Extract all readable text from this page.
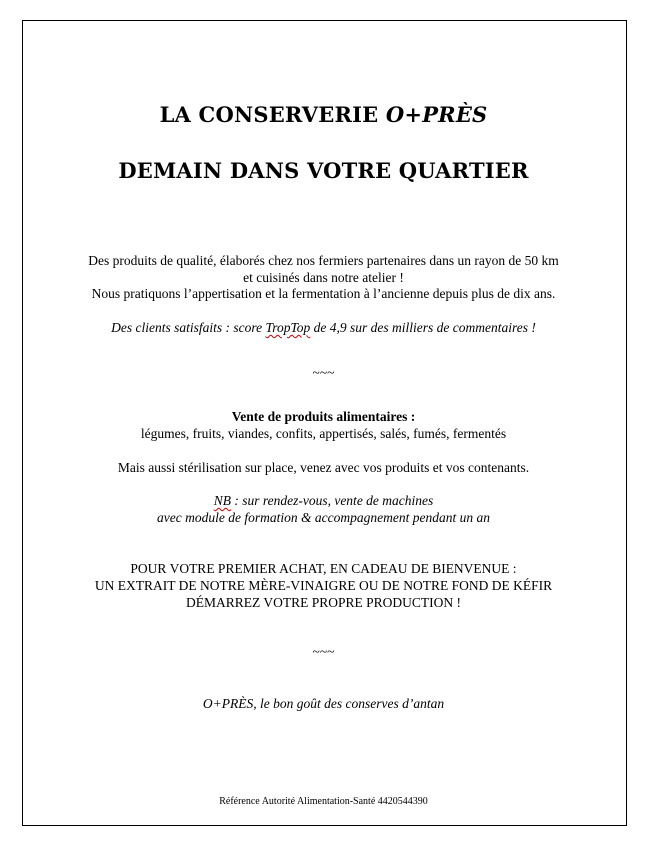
LA CONSERVERIE O+PRÈS
DEMAIN DANS VOTRE QUARTIER
Des produits de qualité, élaborés chez nos fermiers partenaires dans un rayon de 50 km
et cuisinés dans notre atelier !
Nous pratiquons l’appertisation et la fermentation à l’ancienne depuis plus de dix ans.
Des clients satisfaits : score TropTop de 4,9 sur des milliers de commentaires !
~~~
Vente de produits alimentaires :
légumes, fruits, viandes, confits, appertisés, salés, fumés, fermentés
Mais aussi stérilisation sur place, venez avec vos produits et vos contenants.
NB : sur rendez-vous, vente de machines
avec module de formation & accompagnement pendant un an
POUR VOTRE PREMIER ACHAT, EN CADEAU DE BIENVENUE :
UN EXTRAIT DE NOTRE MÈRE-VINAIGRE OU DE NOTRE FOND DE KÉFIR
DÉMARREZ VOTRE PROPRE PRODUCTION !
~~~
O+PRÈS, le bon goût des conserves d’antan
Référence Autorité Alimentation-Santé 4420544390
